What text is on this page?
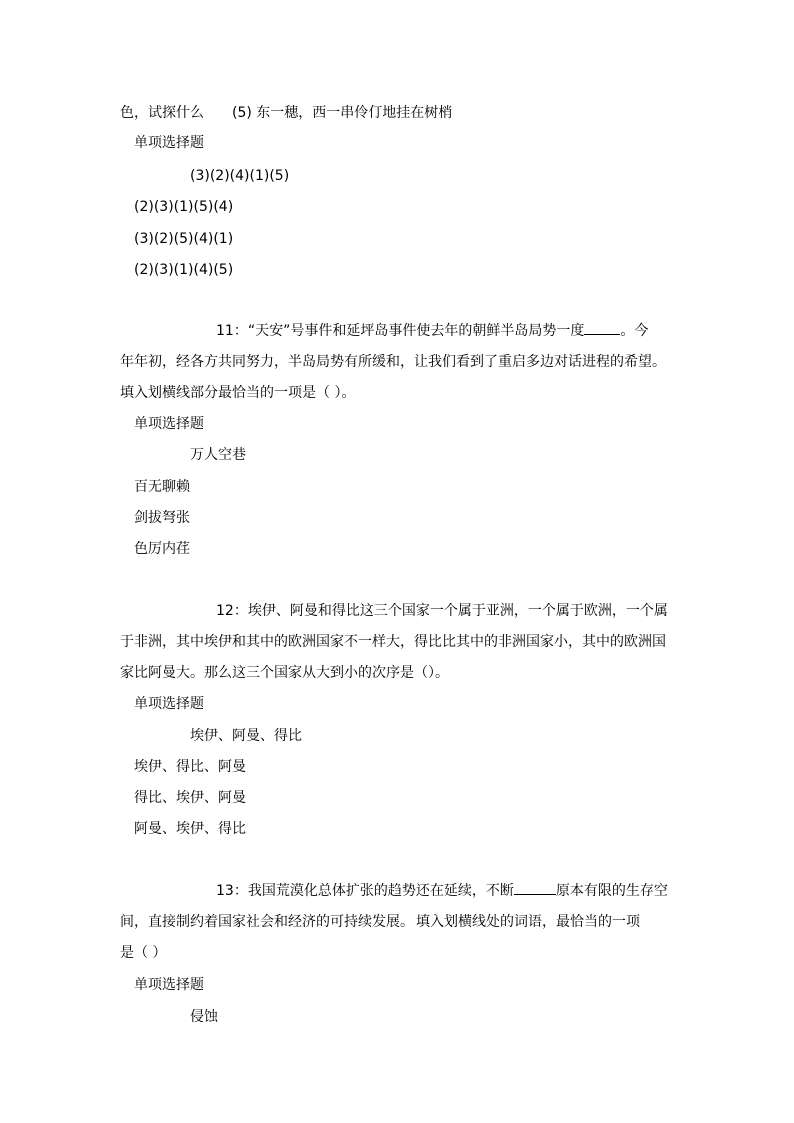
色，试探什么 (5) 东一穗，西一串伶仃地挂在树梢
单项选择题
(3)(2)(4)(1)(5)
(2)(3)(1)(5)(4)
(3)(2)(5)(4)(1)
(2)(3)(1)(4)(5)
11：“天安”号事件和延坪岛事件使去年的朝鲜半岛局势一度	。今
年年初，经各方共同努力，半岛局势有所缓和，让我们看到了重启多边对话进程的希望。
填入划横线部分最恰当的一项是（ ）。
单项选择题
万人空巷
百无聊赖
剑拔弩张
色厉内荏
12：埃伊、阿曼和得比这三个国家一个属于亚洲，一个属于欧洲，一个属
于非洲，其中埃伊和其中的欧洲国家不一样大，得比比其中的非洲国家小，其中的欧洲国
家比阿曼大。那么这三个国家从大到小的次序是（）。
单项选择题
埃伊、阿曼、得比
埃伊、得比、阿曼
得比、埃伊、阿曼
阿曼、埃伊、得比
13：我国荒漠化总体扩张的趋势还在延续，不断	原本有限的生存空
间，直接制约着国家社会和经济的可持续发展。 填入划横线处的词语，最恰当的一项
是（ ）
单项选择题
侵蚀
